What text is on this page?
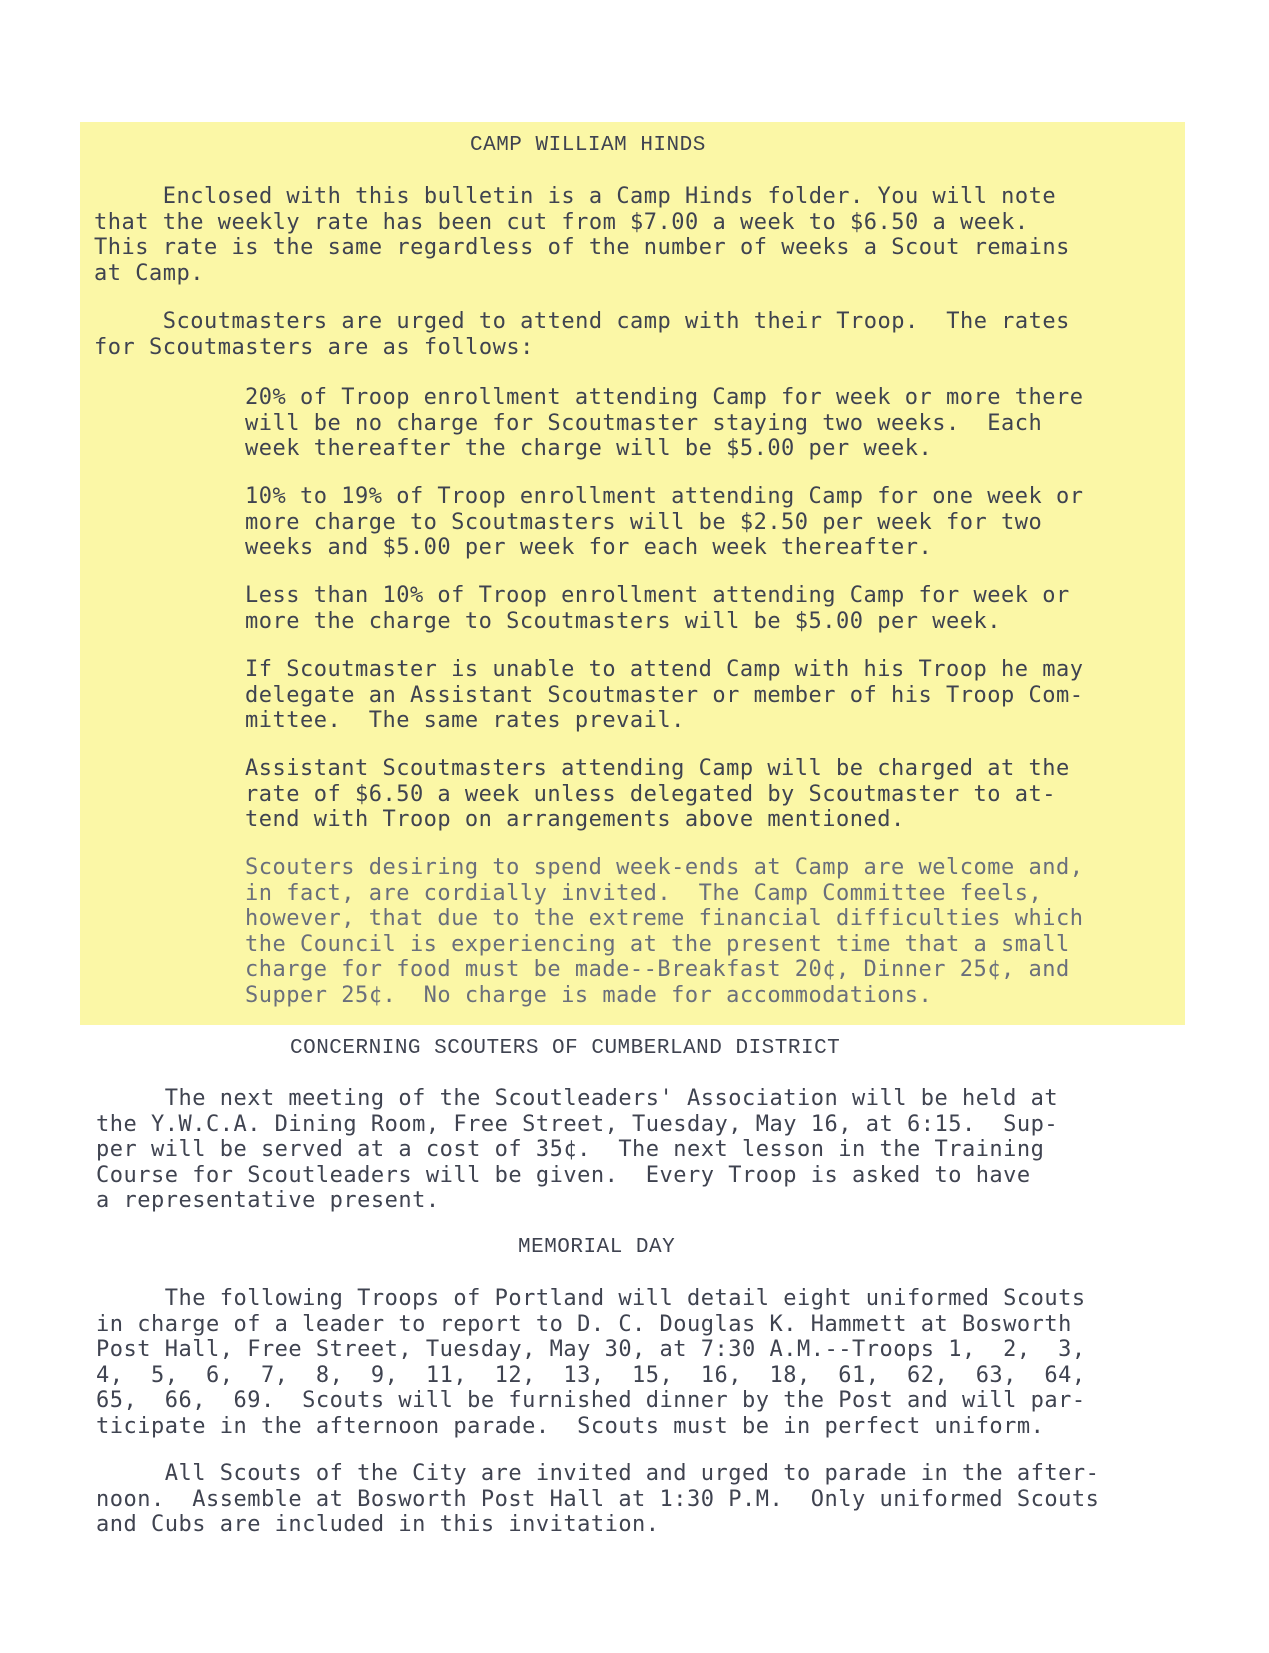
CAMP WILLIAM HINDS
Enclosed with this bulletin is a Camp Hinds folder. You will note
that the weekly rate has been cut from $7.00 a week to $6.50 a week.
This rate is the same regardless of the number of weeks a Scout remains
at Camp.
Scoutmasters are urged to attend camp with their Troop.  The rates
for Scoutmasters are as follows:
20% of Troop enrollment attending Camp for week or more there
will be no charge for Scoutmaster staying two weeks.  Each
week thereafter the charge will be $5.00 per week.
10% to 19% of Troop enrollment attending Camp for one week or
more charge to Scoutmasters will be $2.50 per week for two
weeks and $5.00 per week for each week thereafter.
Less than 10% of Troop enrollment attending Camp for week or
more the charge to Scoutmasters will be $5.00 per week.
If Scoutmaster is unable to attend Camp with his Troop he may
delegate an Assistant Scoutmaster or member of his Troop Com-
mittee.  The same rates prevail.
Assistant Scoutmasters attending Camp will be charged at the
rate of $6.50 a week unless delegated by Scoutmaster to at-
tend with Troop on arrangements above mentioned.
Scouters desiring to spend week-ends at Camp are welcome and,
in fact, are cordially invited.  The Camp Committee feels,
however, that due to the extreme financial difficulties which
the Council is experiencing at the present time that a small
charge for food must be made--Breakfast 20¢, Dinner 25¢, and
Supper 25¢.  No charge is made for accommodations.
CONCERNING SCOUTERS OF CUMBERLAND DISTRICT
The next meeting of the Scoutleaders' Association will be held at
the Y.W.C.A. Dining Room, Free Street, Tuesday, May 16, at 6:15.  Sup-
per will be served at a cost of 35¢.  The next lesson in the Training
Course for Scoutleaders will be given.  Every Troop is asked to have
a representative present.
MEMORIAL DAY
The following Troops of Portland will detail eight uniformed Scouts
in charge of a leader to report to D. C. Douglas K. Hammett at Bosworth
Post Hall, Free Street, Tuesday, May 30, at 7:30 A.M.--Troops 1,  2,  3,
4,  5,  6,  7,  8,  9,  11,  12,  13,  15,  16,  18,  61,  62,  63,  64,
65,  66,  69.  Scouts will be furnished dinner by the Post and will par-
ticipate in the afternoon parade.  Scouts must be in perfect uniform.
All Scouts of the City are invited and urged to parade in the after-
noon.  Assemble at Bosworth Post Hall at 1:30 P.M.  Only uniformed Scouts
and Cubs are included in this invitation.
